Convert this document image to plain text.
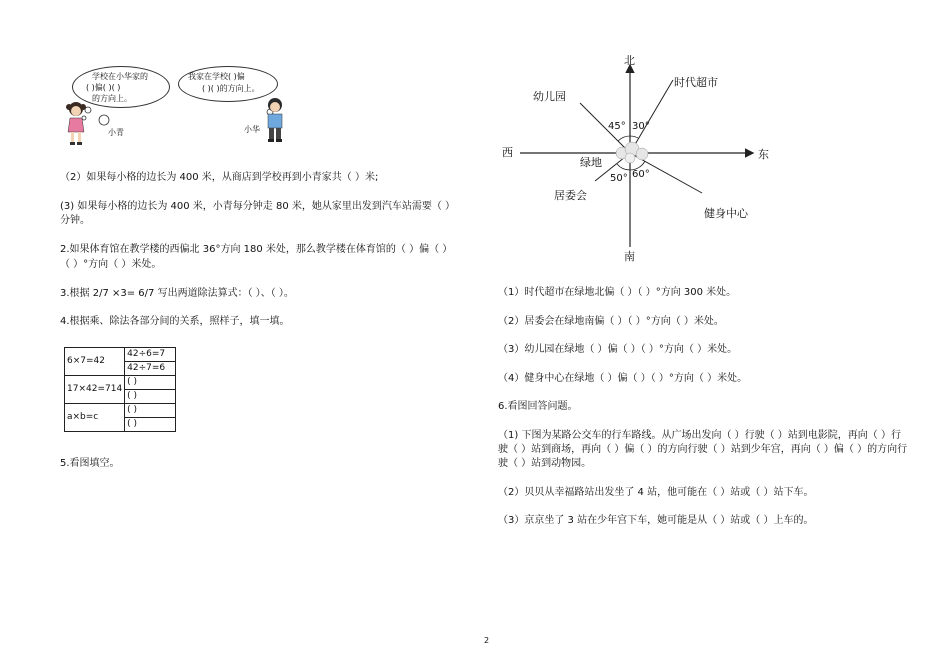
学校在小华家的
( )偏( )( )
的方向上。
我家在学校( )偏
( )( )的方向上。
小青	小华
（2）如果每小格的边长为 400 米，从商店到学校再到小青家共（ ）米;
(3) 如果每小格的边长为 400 米，小青每分钟走 80 米，她从家里出发到汽车站需要（ ）
分钟。
2.如果体育馆在教学楼的西偏北 36°方向 180 米处，那么教学楼在体育馆的（ ）偏（ ）
（ ）°方向（ ）米处。
3.根据 2/7 ×3= 6/7 写出两道除法算式：（ ）、（ ）。
4.根据乘、除法各部分间的关系，照样子，填一填。
6×7=42	42÷6=7
	42÷7=6
17×42=714	( )
	( )
a×b=c	( )
	( )
5.看图填空。
北
南
东
西
绿地
幼儿园
时代超市
居委会
健身中心
45° 30°
50° 60°
（1）时代超市在绿地北偏（ ）（ ）°方向 300 米处。
（2）居委会在绿地南偏（ ）（ ）°方向（ ）米处。
（3）幼儿园在绿地（ ）偏（ ）（ ）°方向（ ）米处。
（4）健身中心在绿地（ ）偏（ ）（ ）°方向（ ）米处。
6.看图回答问题。
（1) 下图为某路公交车的行车路线。从广场出发向（ ）行驶（ ）站到电影院，再向（ ）行
驶（ ）站到商场，再向（ ）偏（ ）的方向行驶（ ）站到少年宫，再向（ ）偏（ ）的方向行
驶（ ）站到动物园。
（2）贝贝从幸福路站出发坐了 4 站，他可能在（ ）站或（ ）站下车。
（3）京京坐了 3 站在少年宫下车，她可能是从（ ）站或（ ）上车的。
2
